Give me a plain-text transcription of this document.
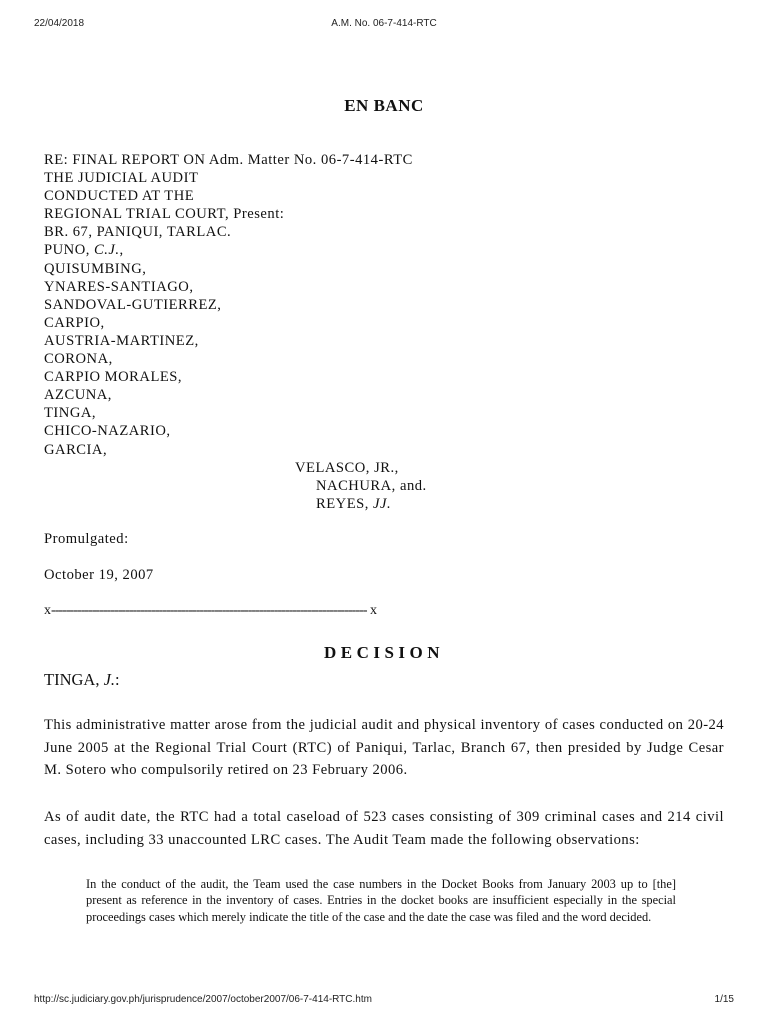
22/04/2018	A.M. No. 06-7-414-RTC
EN BANC
RE: FINAL REPORT ON Adm. Matter No. 06-7-414-RTC
THE JUDICIAL AUDIT
CONDUCTED AT THE
REGIONAL TRIAL COURT, Present:
BR. 67, PANIQUI, TARLAC.
PUNO, C.J.,
QUISUMBING,
YNARES-SANTIAGO,
SANDOVAL-GUTIERREZ,
CARPIO,
AUSTRIA-MARTINEZ,
CORONA,
CARPIO MORALES,
AZCUNA,
TINGA,
CHICO-NAZARIO,
GARCIA,
VELASCO, JR.,
NACHURA, and.
REYES, JJ.
Promulgated:
October 19, 2007
x------------------------------------------------------------------------------------- x
DECISION
TINGA, J.:
This administrative matter arose from the judicial audit and physical inventory of cases conducted on 20-24 June 2005 at the Regional Trial Court (RTC) of Paniqui, Tarlac, Branch 67, then presided by Judge Cesar M. Sotero who compulsorily retired on 23 February 2006.
As of audit date, the RTC had a total caseload of 523 cases consisting of 309 criminal cases and 214 civil cases, including 33 unaccounted LRC cases. The Audit Team made the following observations:
In the conduct of the audit, the Team used the case numbers in the Docket Books from January 2003 up to [the] present as reference in the inventory of cases. Entries in the docket books are insufficient especially in the special proceedings cases which merely indicate the title of the case and the date the case was filed and the word decided.
http://sc.judiciary.gov.ph/jurisprudence/2007/october2007/06-7-414-RTC.htm	1/15
